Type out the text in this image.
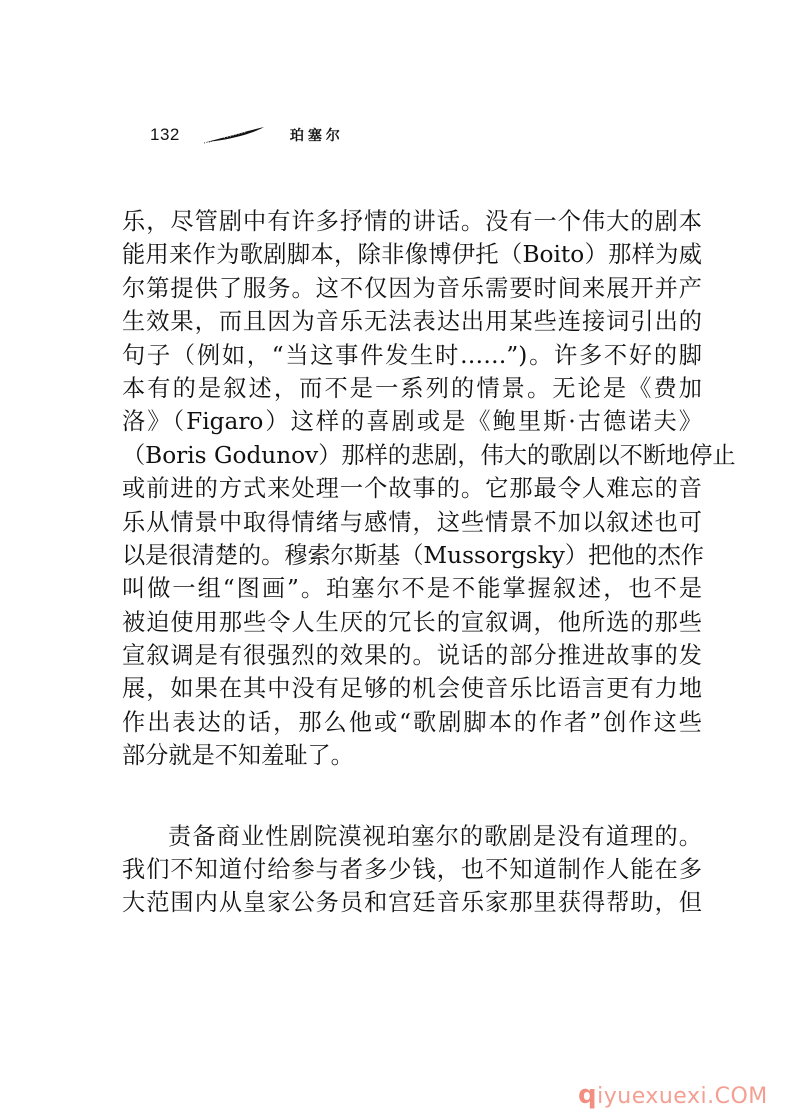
132	珀塞尔
乐，尽管剧中有许多抒情的讲话。没有一个伟大的剧本
能用来作为歌剧脚本，除非像博伊托（Boito）那样为威
尔第提供了服务。这不仅因为音乐需要时间来展开并产
生效果，而且因为音乐无法表达出用某些连接词引出的
句子（例如，“当这事件发生时……”)。许多不好的脚
本有的是叙述，而不是一系列的情景。无论是《费加
洛》（Figaro）这样的喜剧或是《鲍里斯·古德诺夫》
（Boris Godunov）那样的悲剧，伟大的歌剧以不断地停止
或前进的方式来处理一个故事的。它那最令人难忘的音
乐从情景中取得情绪与感情，这些情景不加以叙述也可
以是很清楚的。穆索尔斯基（Mussorgsky）把他的杰作
叫做一组“图画”。珀塞尔不是不能掌握叙述，也不是
被迫使用那些令人生厌的冗长的宣叙调，他所选的那些
宣叙调是有很强烈的效果的。说话的部分推进故事的发
展，如果在其中没有足够的机会使音乐比语言更有力地
作出表达的话，那么他或“歌剧脚本的作者”创作这些
部分就是不知羞耻了。
责备商业性剧院漠视珀塞尔的歌剧是没有道理的。
我们不知道付给参与者多少钱，也不知道制作人能在多
大范围内从皇家公务员和宫廷音乐家那里获得帮助，但
qiyuexuexi.COM
